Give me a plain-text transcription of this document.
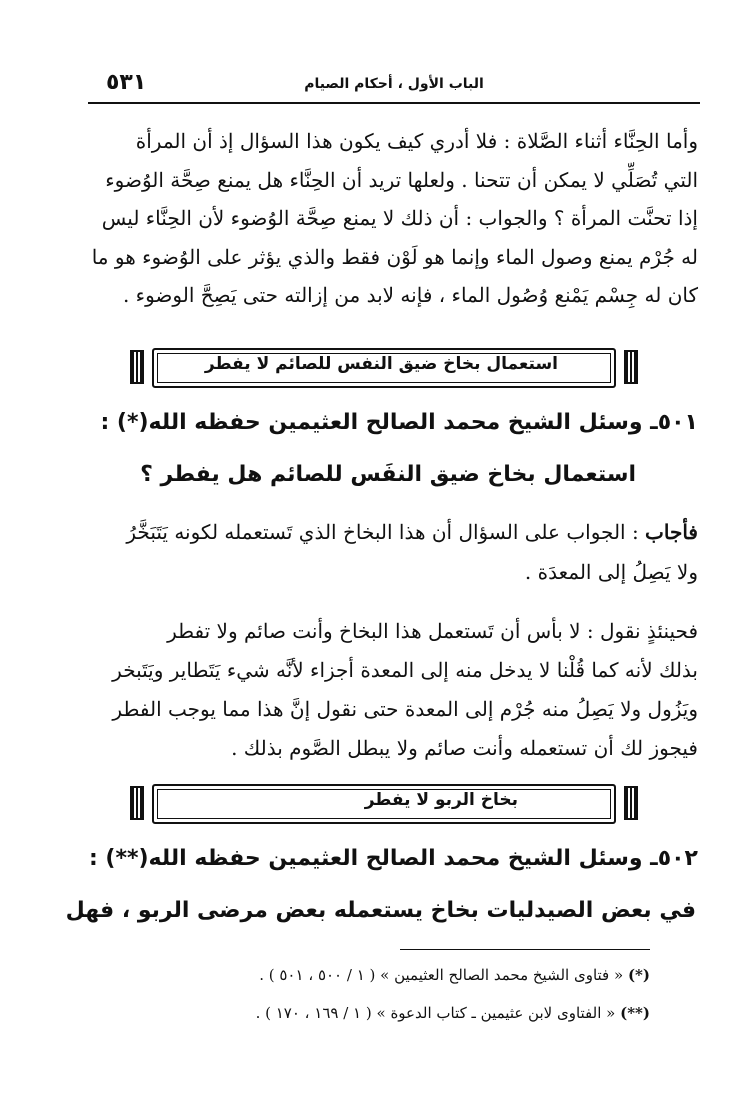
٥٣١	الباب الأول ، أحكام الصيام
وأما الحِنَّاء أثناء الصَّلاة : فلا أدري كيف يكون هذا السؤال إذ أن المرأة
التي تُصَلِّي لا يمكن أن تتحنا . ولعلها تريد أن الحِنَّاء هل يمنع صِحَّة الوُضوء
إذا تحنَّت المرأة ؟ والجواب : أن ذلك لا يمنع صِحَّة الوُضوء لأن الحِنَّاء ليس
له جُرْم يمنع وصول الماء وإنما هو لَوْن فقط والذي يؤثر على الوُضوء هو ما
كان له جِسْم يَمْنع وُصُول الماء ، فإنه لابد من إزالته حتى يَصِحَّ الوضوء .
استعمال بخاخ ضيق النفس للصائم لا يفطر
٥٠١ـ وسئل الشيخ محمد الصالح العثيمين حفظه الله(*) :
استعمال بخاخ ضيق النفَس للصائم هل يفطر ؟
فأجاب : الجواب على السؤال أن هذا البخاخ الذي تَستعمله لكونه يَتَبَخَّرُ
ولا يَصِلُ إلى المعدَة .
فحينئذٍ نقول : لا بأس أن تَستعمل هذا البخاخ وأنت صائم ولا تفطر
بذلك لأنه كما قُلْنا لا يدخل منه إلى المعدة أجزاء لأنَّه شيء يَتَطاير ويَتَبخر
ويَزُول ولا يَصِلُ منه جُرْم إلى المعدة حتى نقول إنَّ هذا مما يوجب الفطر
فيجوز لك أن تستعمله وأنت صائم ولا يبطل الصَّوم بذلك .
بخاخ الربو لا يفطر
٥٠٢ـ وسئل الشيخ محمد الصالح العثيمين حفظه الله(**) :
في بعض الصيدليات بخاخ يستعمله بعض مرضى الربو ، فهل
(*) « فتاوى الشيخ محمد الصالح العثيمين » ( ١ / ٥٠٠ ، ٥٠١ ) .
(**) « الفتاوى لابن عثيمين ـ كتاب الدعوة » ( ١ / ١٦٩ ، ١٧٠ ) .
